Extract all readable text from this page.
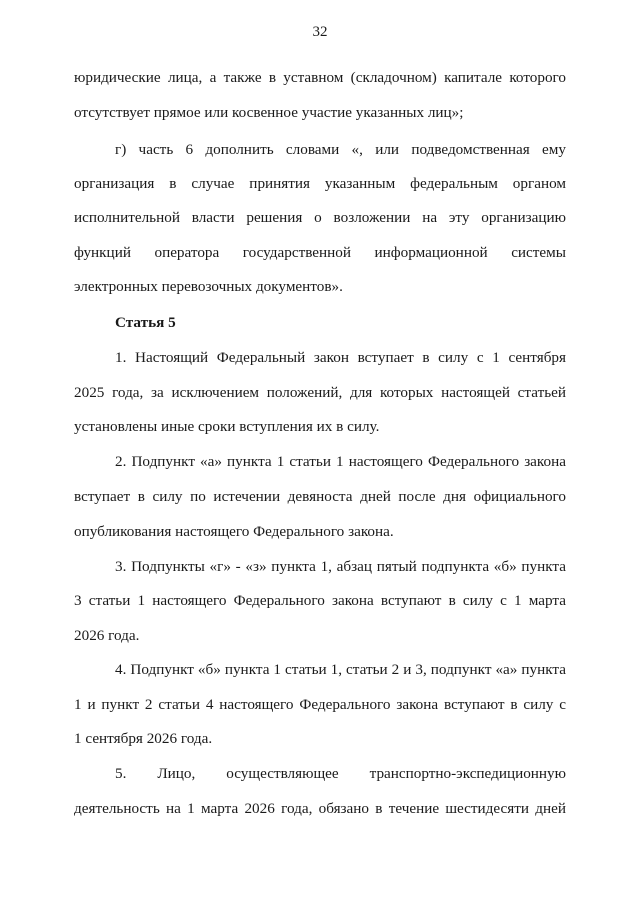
32
юридические лица, а также в уставном (складочном) капитале которого
отсутствует прямое или косвенное участие указанных лиц»;
г) часть 6 дополнить словами «, или подведомственная ему
организация в случае принятия указанным федеральным органом
исполнительной власти решения о возложении на эту организацию
функций оператора государственной информационной системы
электронных перевозочных документов».
Статья 5
1. Настоящий Федеральный закон вступает в силу с 1 сентября
2025 года, за исключением положений, для которых настоящей статьей
установлены иные сроки вступления их в силу.
2. Подпункт «а» пункта 1 статьи 1 настоящего Федерального закона
вступает в силу по истечении девяноста дней после дня официального
опубликования настоящего Федерального закона.
3. Подпункты «г» - «з» пункта 1, абзац пятый подпункта «б» пункта
3 статьи 1 настоящего Федерального закона вступают в силу с 1 марта
2026 года.
4. Подпункт «б» пункта 1 статьи 1, статьи 2 и 3, подпункт «а» пункта
1 и пункт 2 статьи 4 настоящего Федерального закона вступают в силу с
1 сентября 2026 года.
5. Лицо, осуществляющее транспортно-экспедиционную
деятельность на 1 марта 2026 года, обязано в течение шестидесяти дней
